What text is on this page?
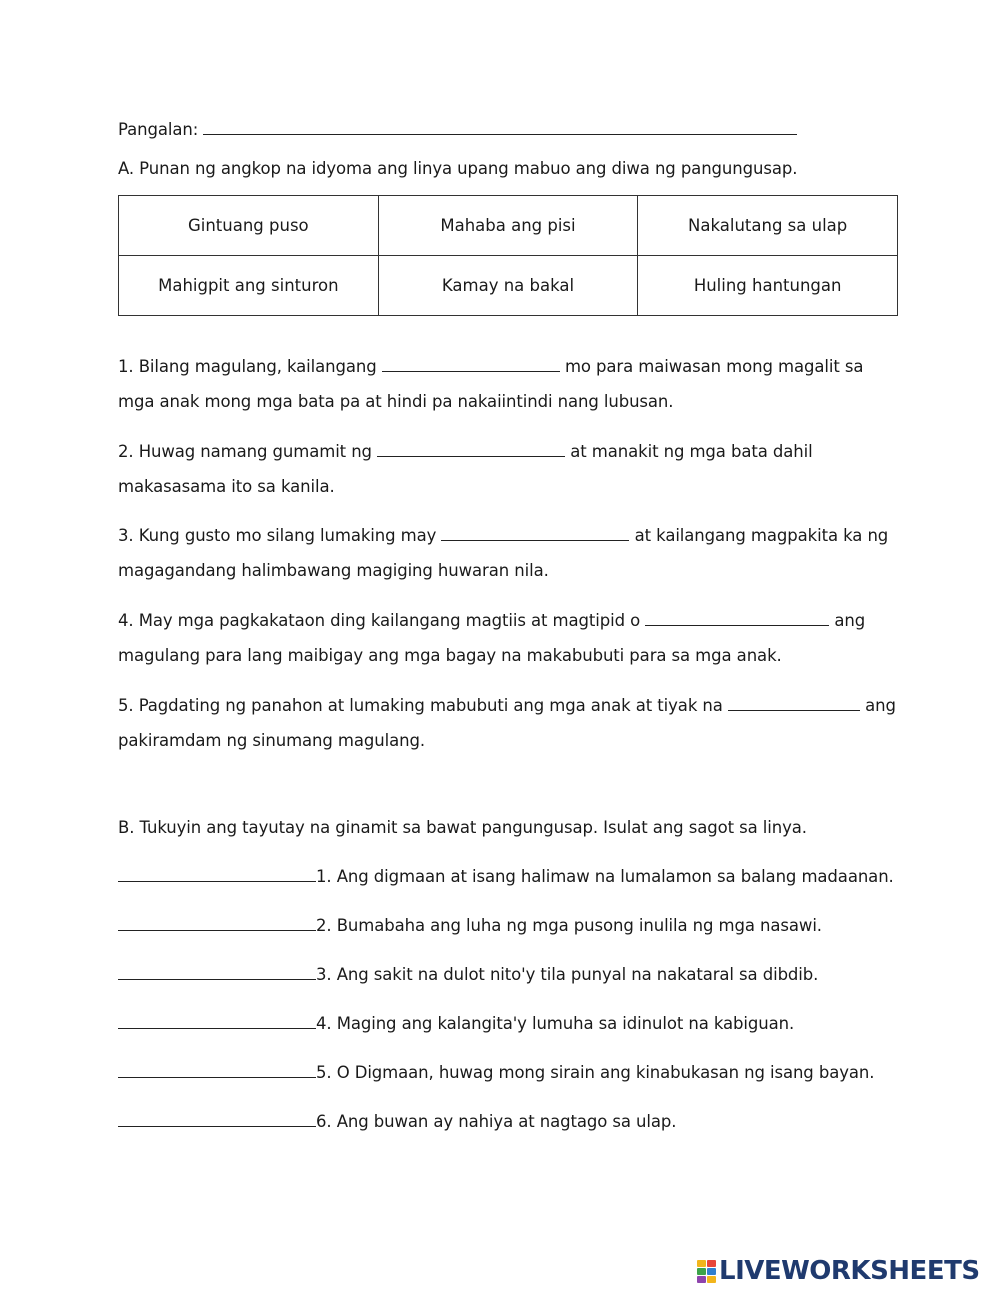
Pangalan:
A. Punan ng angkop na idyoma ang linya upang mabuo ang diwa ng pangungusap.
Gintuang puso	Mahaba ang pisi	Nakalutang sa ulap
Mahigpit ang sinturon	Kamay na bakal	Huling hantungan
1. Bilang magulang, kailangang	mo para maiwasan mong magalit sa
mga anak mong mga bata pa at hindi pa nakaiintindi nang lubusan.
2. Huwag namang gumamit ng	at manakit ng mga bata dahil
makasasama ito sa kanila.
3. Kung gusto mo silang lumaking may	at kailangang magpakita ka ng
magagandang halimbawang magiging huwaran nila.
4. May mga pagkakataon ding kailangang magtiis at magtipid o	ang
magulang para lang maibigay ang mga bagay na makabubuti para sa mga anak.
5. Pagdating ng panahon at lumaking mabubuti ang mga anak at tiyak na	ang
pakiramdam ng sinumang magulang.
B. Tukuyin ang tayutay na ginamit sa bawat pangungusap. Isulat ang sagot sa linya.
1. Ang digmaan at isang halimaw na lumalamon sa balang madaanan.
2. Bumabaha ang luha ng mga pusong inulila ng mga nasawi.
3. Ang sakit na dulot nito'y tila punyal na nakataral sa dibdib.
4. Maging ang kalangita'y lumuha sa idinulot na kabiguan.
5. O Digmaan, huwag mong sirain ang kinabukasan ng isang bayan.
6. Ang buwan ay nahiya at nagtago sa ulap.
LIVEWORKSHEETS
